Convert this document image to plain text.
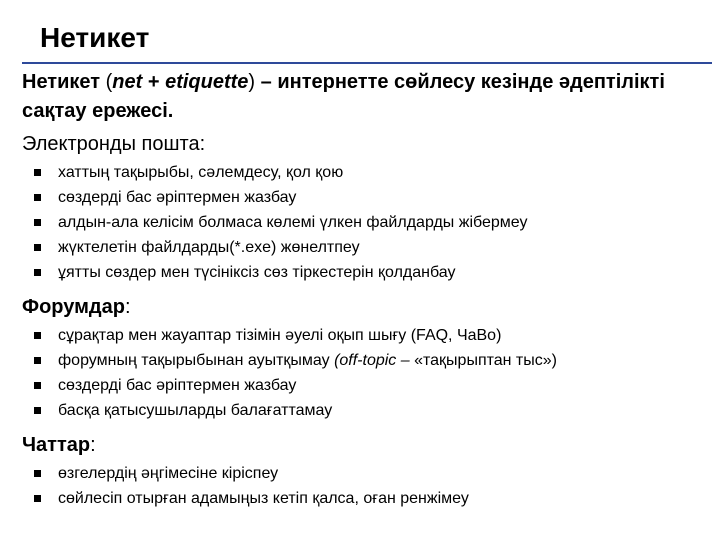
Нетикет
Нетикет (net + etiquette) – интернетте сөйлесу кезінде әдептілікті сақтау ережесі.
Электронды пошта:
хаттың тақырыбы, сәлемдесу, қол қою
сөздерді бас әріптермен жазбау
алдын-ала келісім болмаса көлемі үлкен файлдарды жібермеу
жүктелетін файлдарды(*.exe) жөнелтпеу
ұятты сөздер мен түсініксіз сөз тіркестерін қолданбау
Форумдар:
сұрақтар мен жауаптар тізімін әуелі оқып шығу (FAQ, ЧаВо)
форумның тақырыбынан ауытқымау (off-topic – «тақырыптан тыс»)
сөздерді бас әріптермен жазбау
басқа қатысушыларды балағаттамау
Чаттар:
өзгелердің әңгімесіне кіріспеу
сөйлесіп отырған адамыңыз кетіп қалса, оған ренжімеу
